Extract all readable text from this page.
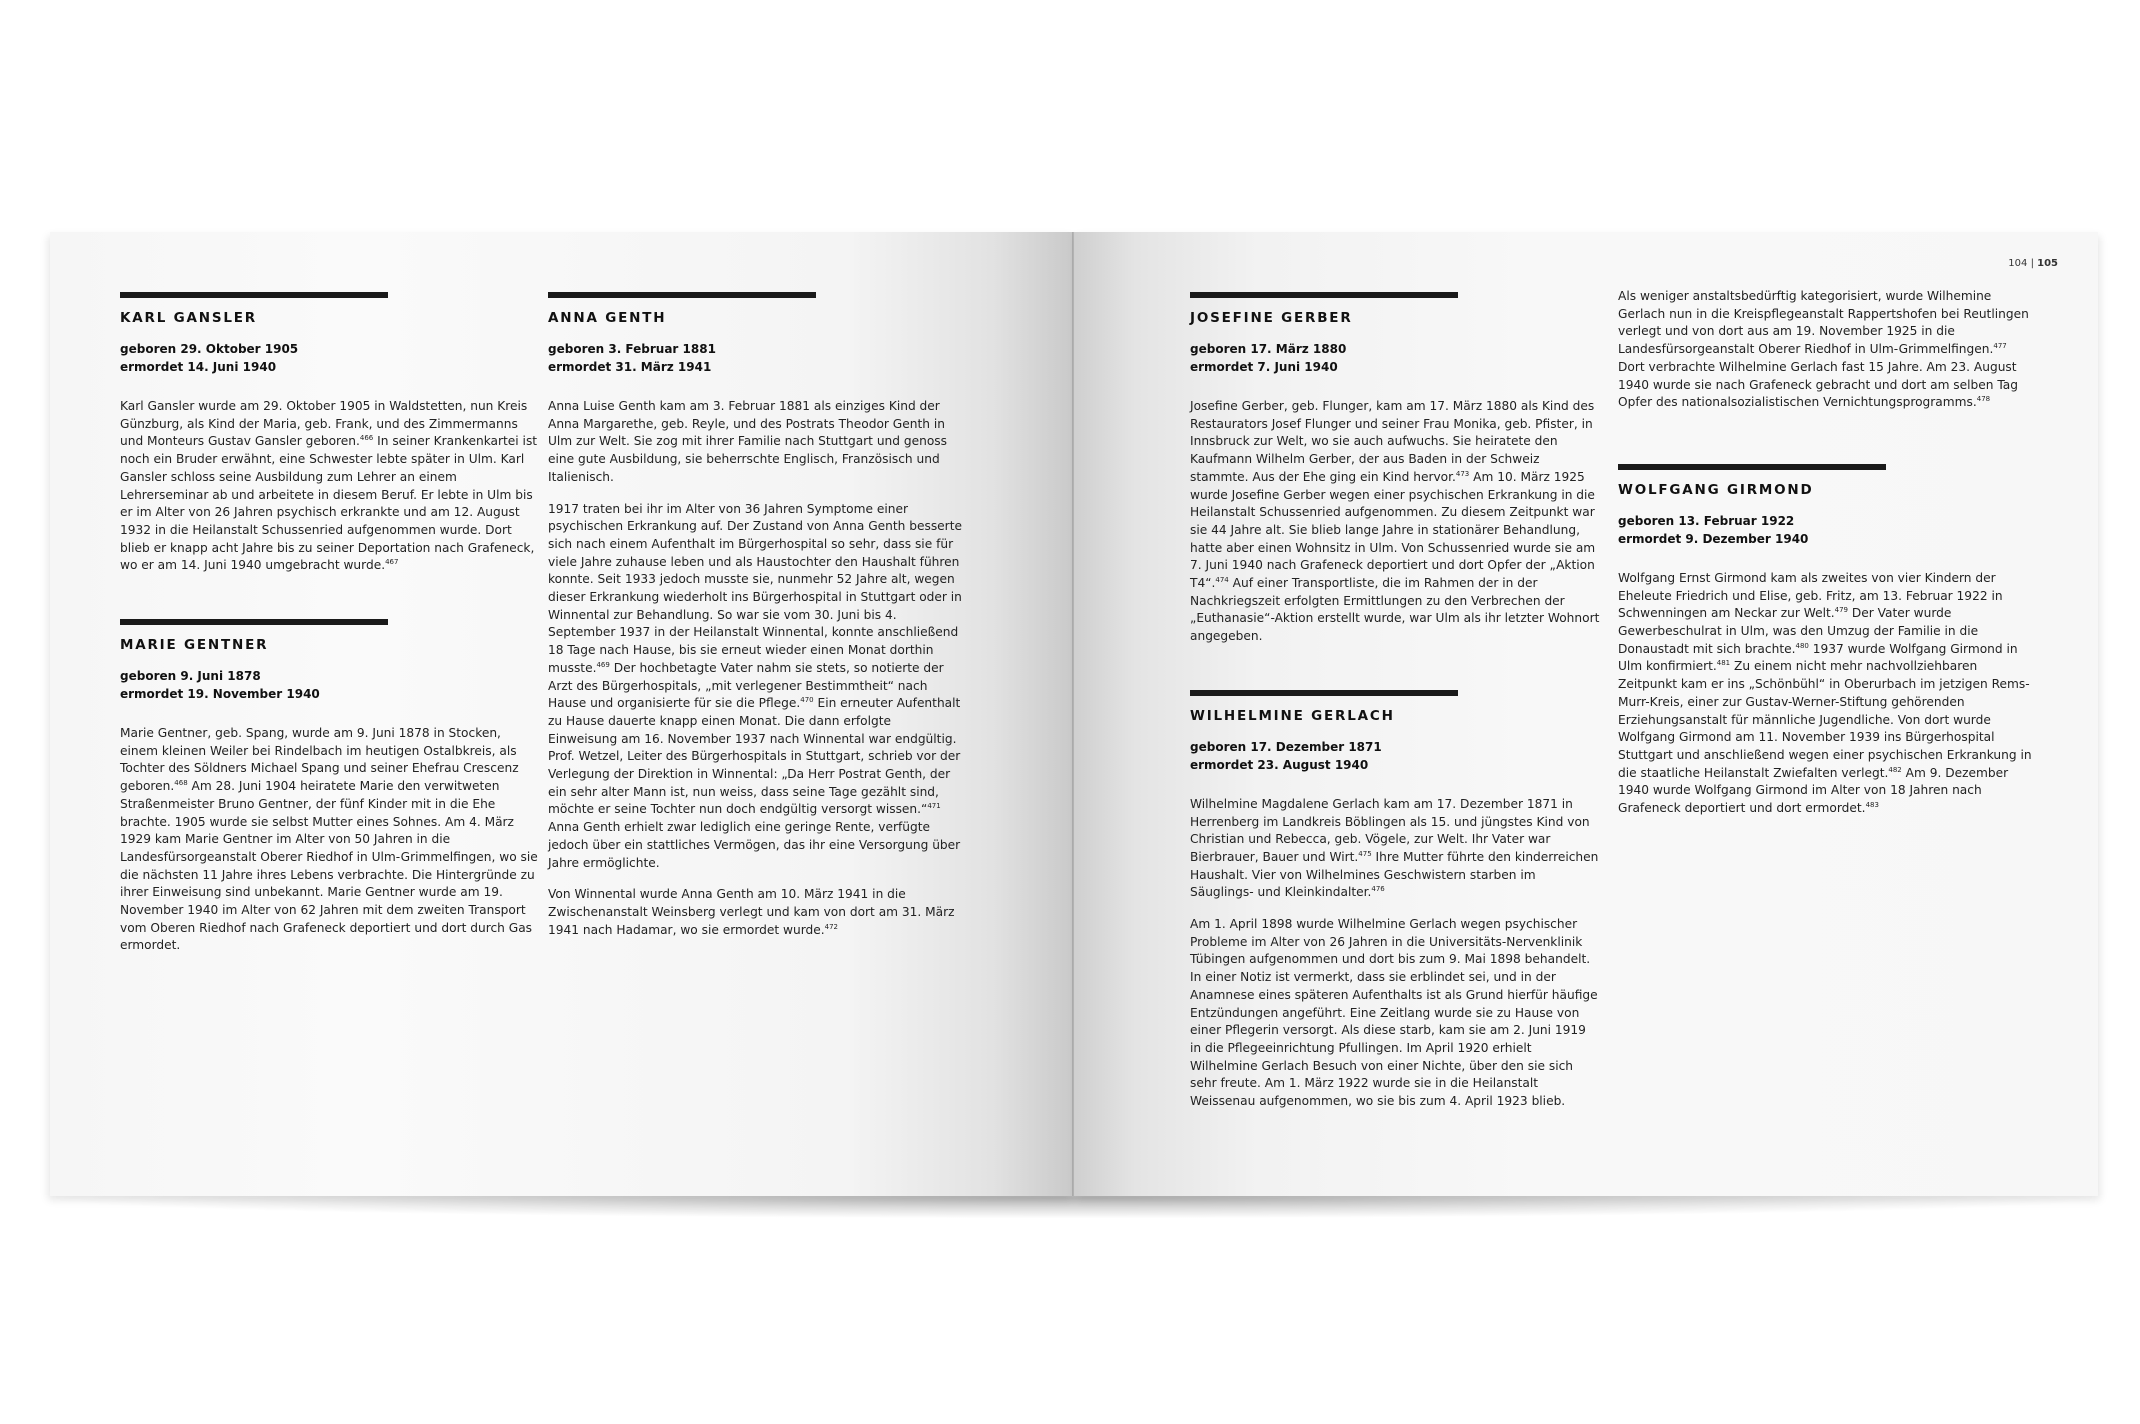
KARL GANSLER
geboren 29. Oktober 1905
ermordet 14. Juni 1940

Karl Gansler wurde am 29. Oktober 1905 in Waldstetten, nun Kreis Günzburg, als Kind der Maria, geb. Frank, und des Zimmermanns und Monteurs Gustav Gansler geboren.$^{466}$ In seiner Krankenkartei ist noch ein Bruder erwähnt, eine Schwester lebte später in Ulm. Karl Gansler schloss seine Ausbildung zum Lehrer an einem Lehrerseminar ab und arbeitete in diesem Beruf. Er lebte in Ulm bis er im Alter von 26 Jahren psychisch erkrankte und am 12. August 1932 in die Heilanstalt Schussenried aufgenommen wurde. Dort blieb er knapp acht Jahre bis zu seiner Deportation nach Grafeneck, wo er am 14. Juni 1940 umgebracht wurde.$^{467}$

MARIE GENTNER
geboren 9. Juni 1878
ermordet 19. November 1940

Marie Gentner, geb. Spang, wurde am 9. Juni 1878 in Stocken, einem kleinen Weiler bei Rindelbach im heutigen Ostalbkreis, als Tochter des Söldners Michael Spang und seiner Ehefrau Crescenz geboren.$^{468}$ Am 28. Juni 1904 heiratete Marie den verwitweten Straßenmeister Bruno Gentner, der fünf Kinder mit in die Ehe brachte. 1905 wurde sie selbst Mutter eines Sohnes. Am 4. März 1929 kam Marie Gentner im Alter von 50 Jahren in die Landesfürsorgeanstalt Oberer Riedhof in Ulm-Grimmelfingen, wo sie die nächsten 11 Jahre ihres Lebens verbrachte. Die Hintergründe zu ihrer Einweisung sind unbekannt. Marie Gentner wurde am 19. November 1940 im Alter von 62 Jahren mit dem zweiten Transport vom Oberen Riedhof nach Grafeneck deportiert und dort durch Gas ermordet.

ANNA GENTH
geboren 3. Februar 1881
ermordet 31. März 1941

Anna Luise Genth kam am 3. Februar 1881 als einziges Kind der Anna Margarethe, geb. Reyle, und des Postrats Theodor Genth in Ulm zur Welt. Sie zog mit ihrer Familie nach Stuttgart und genoss eine gute Ausbildung, sie beherrschte Englisch, Französisch und Italienisch.

1917 traten bei ihr im Alter von 36 Jahren Symptome einer psychischen Erkrankung auf. Der Zustand von Anna Genth besserte sich nach einem Aufenthalt im Bürgerhospital so sehr, dass sie für viele Jahre zuhause leben und als Haustochter den Haushalt führen konnte. Seit 1933 jedoch musste sie, nunmehr 52 Jahre alt, wegen dieser Erkrankung wiederholt ins Bürgerhospital in Stuttgart oder in Winnental zur Behandlung. So war sie vom 30. Juni bis 4. September 1937 in der Heilanstalt Winnental, konnte anschließend 18 Tage nach Hause, bis sie erneut wieder einen Monat dorthin musste.$^{469}$ Der hochbetagte Vater nahm sie stets, so notierte der Arzt des Bürgerhospitals, „mit verlegener Bestimmtheit“ nach Hause und organisierte für sie die Pflege.$^{470}$ Ein erneuter Aufenthalt zu Hause dauerte knapp einen Monat. Die dann erfolgte Einweisung am 16. November 1937 nach Winnental war endgültig. Prof. Wetzel, Leiter des Bürgerhospitals in Stuttgart, schrieb vor der Verlegung der Direktion in Winnental: „Da Herr Postrat Genth, der ein sehr alter Mann ist, nun weiss, dass seine Tage gezählt sind, möchte er seine Tochter nun doch endgültig versorgt wissen.“$^{471}$ Anna Genth erhielt zwar lediglich eine geringe Rente, verfügte jedoch über ein stattliches Vermögen, das ihr eine Versorgung über Jahre ermöglichte.

Von Winnental wurde Anna Genth am 10. März 1941 in die Zwischenanstalt Weinsberg verlegt und kam von dort am 31. März 1941 nach Hadamar, wo sie ermordet wurde.$^{472}$

104 | 105
JOSEFINE GERBER
geboren 17. März 1880
ermordet 7. Juni 1940

Josefine Gerber, geb. Flunger, kam am 17. März 1880 als Kind des Restaurators Josef Flunger und seiner Frau Monika, geb. Pfister, in Innsbruck zur Welt, wo sie auch aufwuchs. Sie heiratete den Kaufmann Wilhelm Gerber, der aus Baden in der Schweiz stammte. Aus der Ehe ging ein Kind hervor.$^{473}$ Am 10. März 1925 wurde Josefine Gerber wegen einer psychischen Erkrankung in die Heilanstalt Schussenried aufgenommen. Zu diesem Zeitpunkt war sie 44 Jahre alt. Sie blieb lange Jahre in stationärer Behandlung, hatte aber einen Wohnsitz in Ulm. Von Schussenried wurde sie am 7. Juni 1940 nach Grafeneck deportiert und dort Opfer der „Aktion T4“.$^{474}$ Auf einer Transportliste, die im Rahmen der in der Nachkriegszeit erfolgten Ermittlungen zu den Verbrechen der „Euthanasie“-Aktion erstellt wurde, war Ulm als ihr letzter Wohnort angegeben.

WILHELMINE GERLACH
geboren 17. Dezember 1871
ermordet 23. August 1940

Wilhelmine Magdalene Gerlach kam am 17. Dezember 1871 in Herrenberg im Landkreis Böblingen als 15. und jüngstes Kind von Christian und Rebecca, geb. Vögele, zur Welt. Ihr Vater war Bierbrauer, Bauer und Wirt.$^{475}$ Ihre Mutter führte den kinderreichen Haushalt. Vier von Wilhelmines Geschwistern starben im Säuglings- und Kleinkindalter.$^{476}$

Am 1. April 1898 wurde Wilhelmine Gerlach wegen psychischer Probleme im Alter von 26 Jahren in die Universitäts-Nervenklinik Tübingen aufgenommen und dort bis zum 9. Mai 1898 behandelt. In einer Notiz ist vermerkt, dass sie erblindet sei, und in der Anamnese eines späteren Aufenthalts ist als Grund hierfür häufige Entzündungen angeführt. Eine Zeitlang wurde sie zu Hause von einer Pflegerin versorgt. Als diese starb, kam sie am 2. Juni 1919 in die Pflegeeinrichtung Pfullingen. Im April 1920 erhielt Wilhelmine Gerlach Besuch von einer Nichte, über den sie sich sehr freute. Am 1. März 1922 wurde sie in die Heilanstalt Weissenau aufgenommen, wo sie bis zum 4. April 1923 blieb.

Als weniger anstaltsbedürftig kategorisiert, wurde Wilhemine Gerlach nun in die Kreispflegeanstalt Rappertshofen bei Reutlingen verlegt und von dort aus am 19. November 1925 in die Landesfürsorgeanstalt Oberer Riedhof in Ulm-Grimmelfingen.$^{477}$ Dort verbrachte Wilhelmine Gerlach fast 15 Jahre. Am 23. August 1940 wurde sie nach Grafeneck gebracht und dort am selben Tag Opfer des nationalsozialistischen Vernichtungsprogramms.$^{478}$

WOLFGANG GIRMOND
geboren 13. Februar 1922
ermordet 9. Dezember 1940

Wolfgang Ernst Girmond kam als zweites von vier Kindern der Eheleute Friedrich und Elise, geb. Fritz, am 13. Februar 1922 in Schwenningen am Neckar zur Welt.$^{479}$ Der Vater wurde Gewerbeschulrat in Ulm, was den Umzug der Familie in die Donaustadt mit sich brachte.$^{480}$ 1937 wurde Wolfgang Girmond in Ulm konfirmiert.$^{481}$ Zu einem nicht mehr nachvollziehbaren Zeitpunkt kam er ins „Schönbühl“ in Oberurbach im jetzigen Rems-Murr-Kreis, einer zur Gustav-Werner-Stiftung gehörenden Erziehungsanstalt für männliche Jugendliche. Von dort wurde Wolfgang Girmond am 11. November 1939 ins Bürgerhospital Stuttgart und anschließend wegen einer psychischen Erkrankung in die staatliche Heilanstalt Zwiefalten verlegt.$^{482}$ Am 9. Dezember 1940 wurde Wolfgang Girmond im Alter von 18 Jahren nach Grafeneck deportiert und dort ermordet.$^{483}$
